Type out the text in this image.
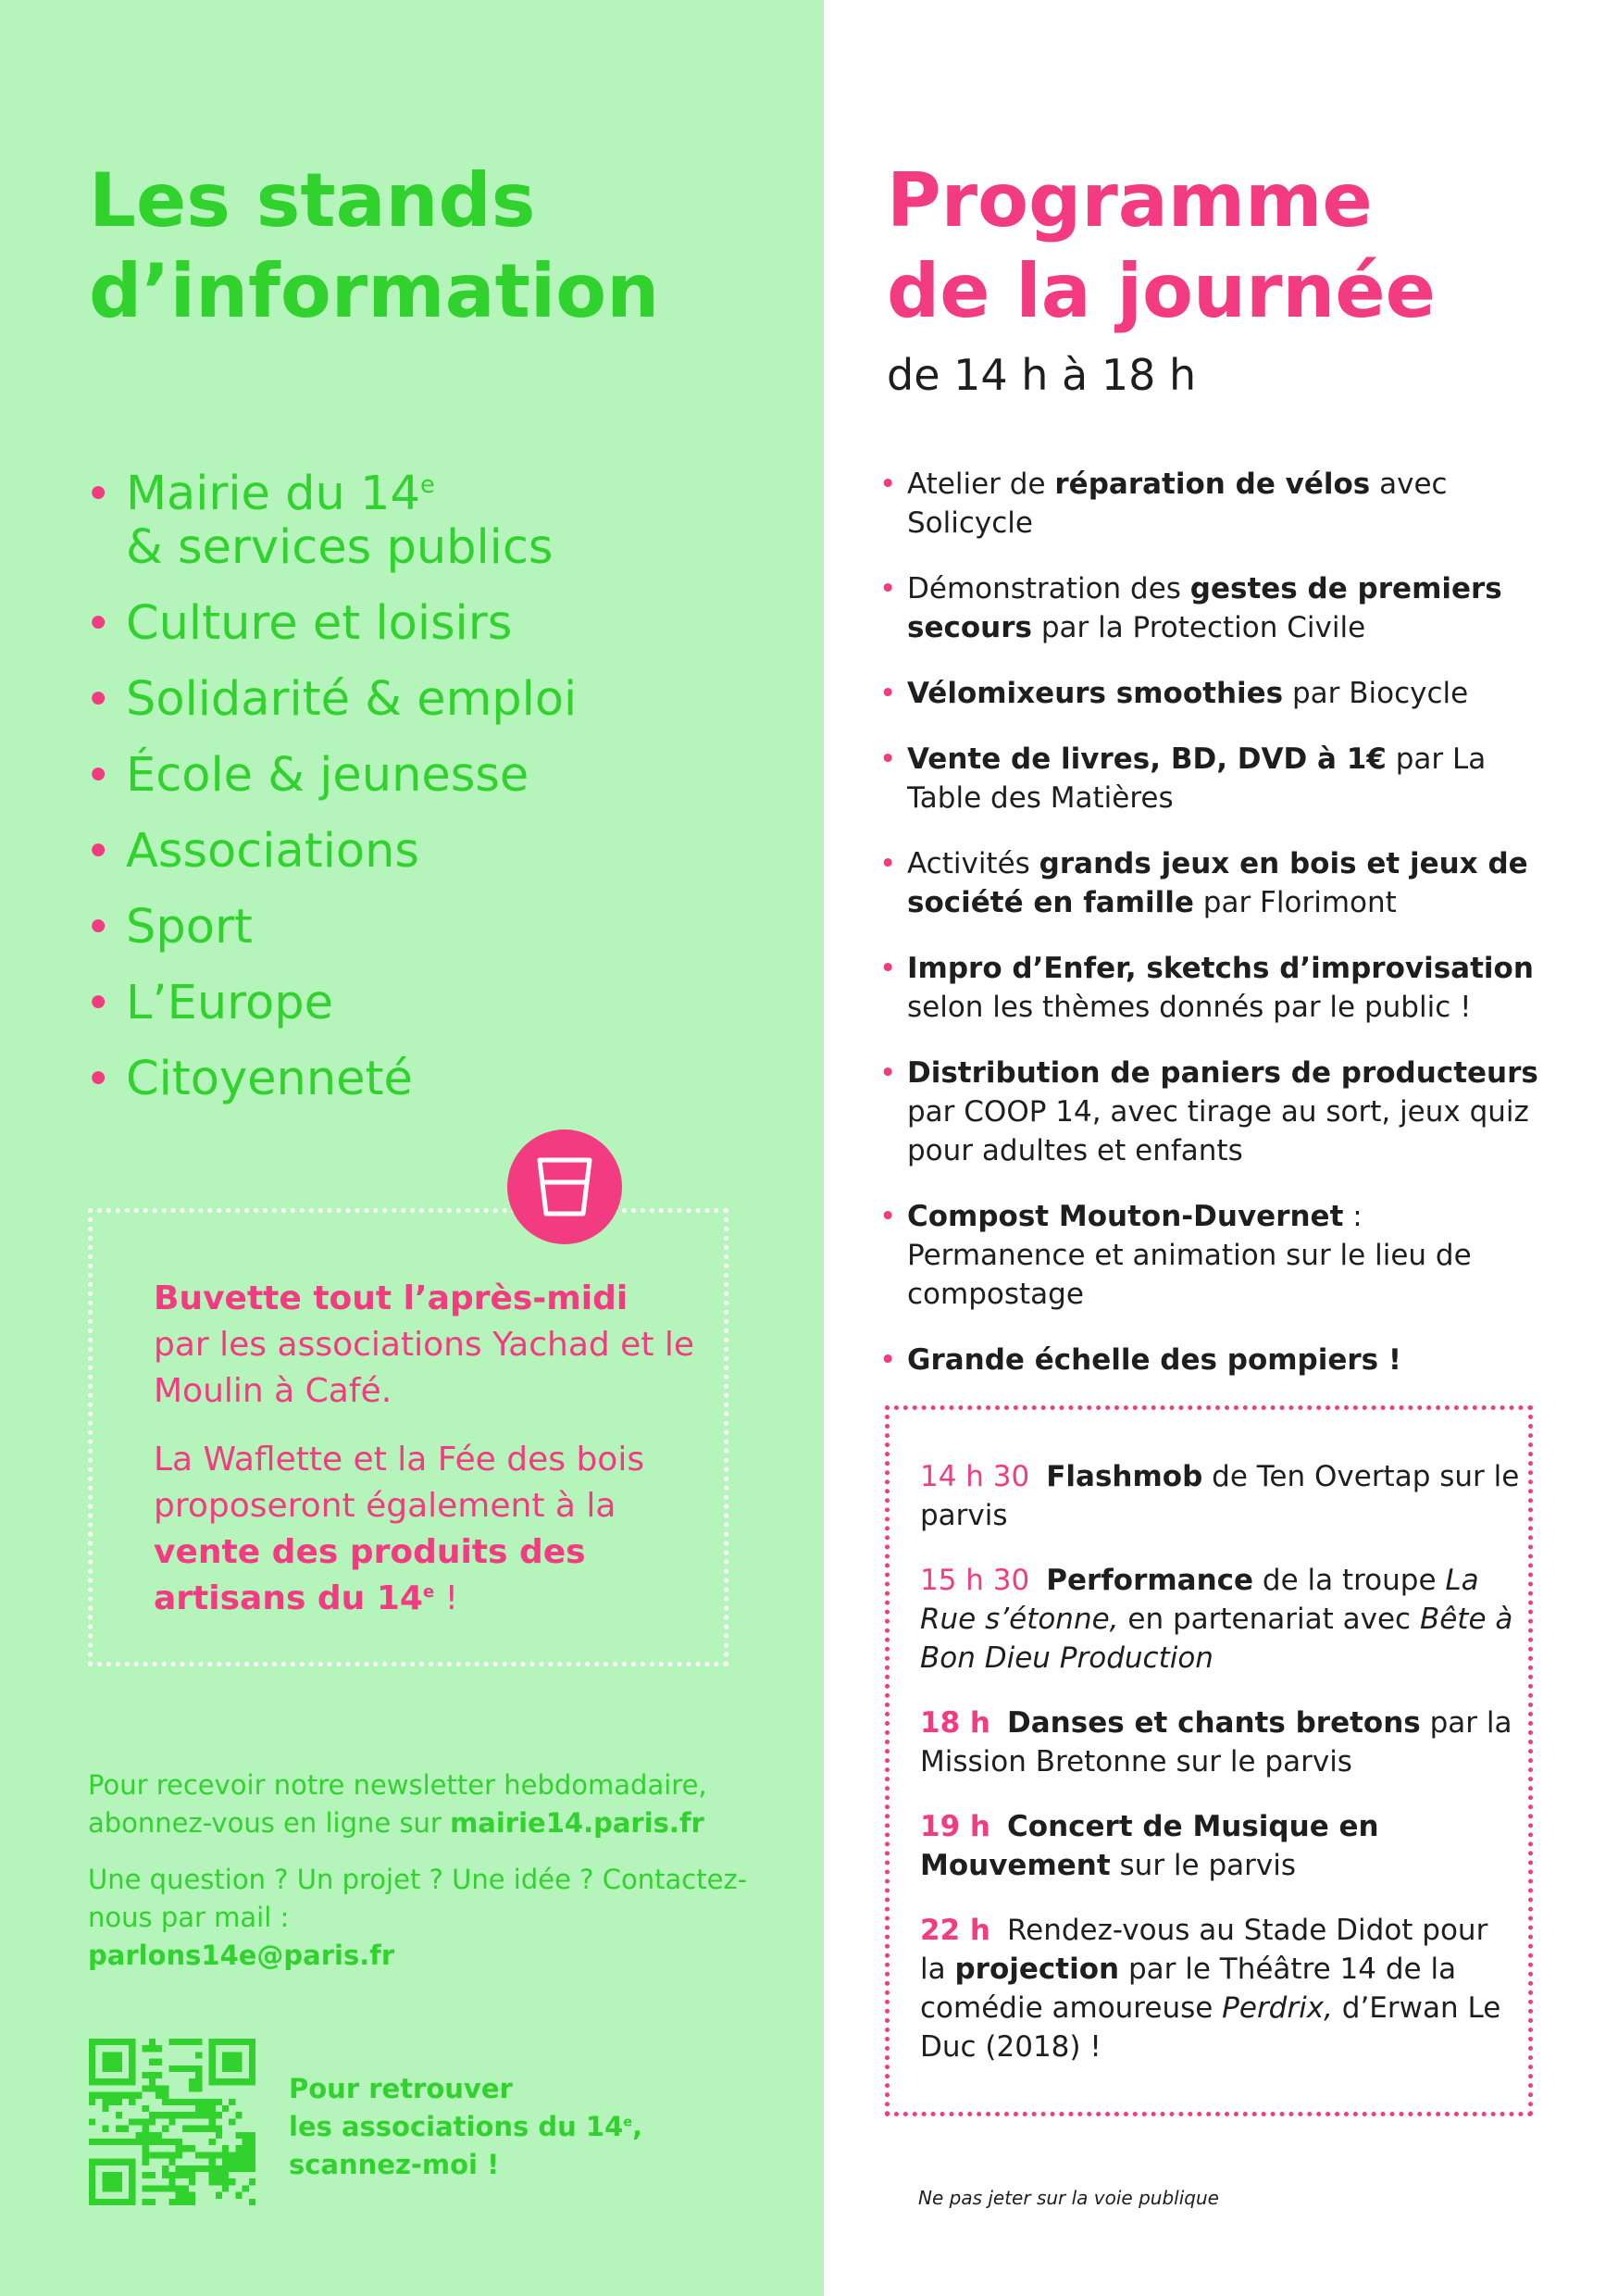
Les stands
d’information
• Mairie du 14e
& services publics
• Culture et loisirs
• Solidarité & emploi
• École & jeunesse
• Associations
• Sport
• L’Europe
• Citoyenneté

Buvette tout l’après-midi
par les associations Yachad et le Moulin à Café.

La Waflette et la Fée des bois proposeront également à la vente des produits des artisans du 14e !

Pour recevoir notre newsletter hebdomadaire, abonnez-vous en ligne sur mairie14.paris.fr

Une question ? Un projet ? Une idée ? Contactez-nous par mail :
parlons14e@paris.fr

Pour retrouver
les associations du 14e,
scannez-moi !
Programme
de la journée
de 14 h à 18 h
• Atelier de réparation de vélos avec Solicycle
• Démonstration des gestes de premiers secours par la Protection Civile
• Vélomixeurs smoothies par Biocycle
• Vente de livres, BD, DVD à 1€ par La Table des Matières
• Activités grands jeux en bois et jeux de société en famille par Florimont
• Impro d’Enfer, sketchs d’improvisation selon les thèmes donnés par le public !
• Distribution de paniers de producteurs par COOP 14, avec tirage au sort, jeux quiz pour adultes et enfants
• Compost Mouton-Duvernet : Permanence et animation sur le lieu de compostage
• Grande échelle des pompiers !
14 h 30 Flashmob de Ten Overtap sur le parvis
15 h 30 Performance de la troupe La Rue s’étonne, en partenariat avec Bête à Bon Dieu Production
18 h Danses et chants bretons par la Mission Bretonne sur le parvis
19 h Concert de Musique en Mouvement sur le parvis
22 h Rendez-vous au Stade Didot pour la projection par le Théâtre 14 de la comédie amoureuse Perdrix, d’Erwan Le Duc (2018) !
Ne pas jeter sur la voie publique
